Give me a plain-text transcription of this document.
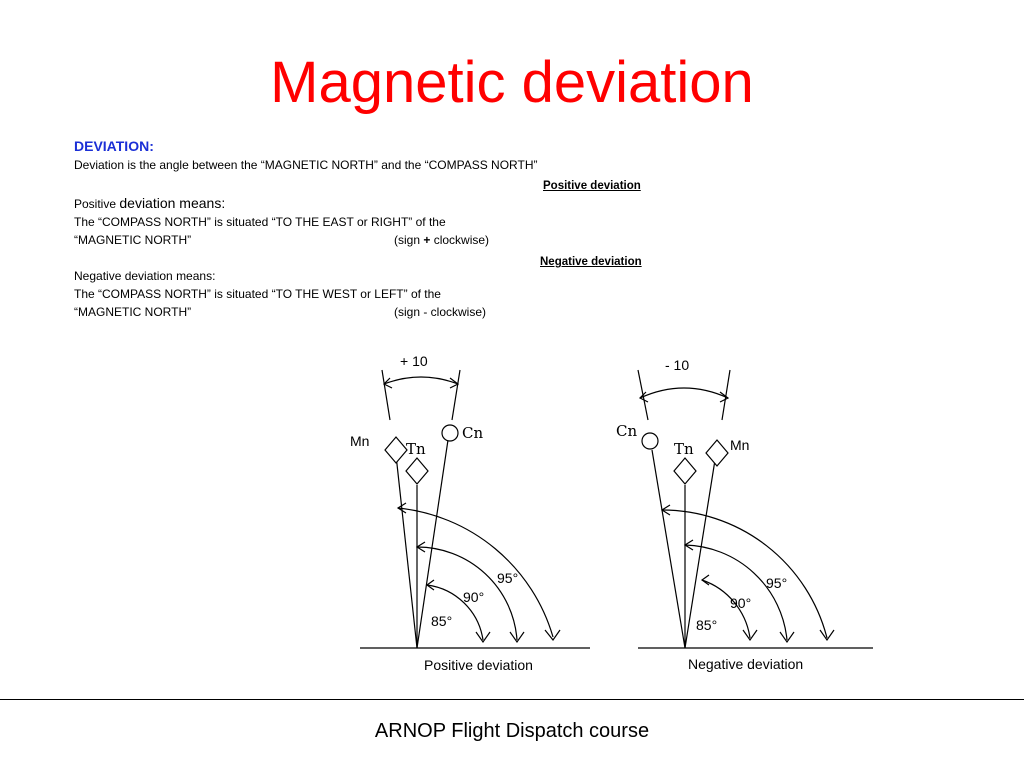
Magnetic deviation
DEVIATION:
Deviation is the angle between the “MAGNETIC NORTH” and the “COMPASS NORTH”
Positive deviation means:
The “COMPASS NORTH” is situated “TO THE EAST or RIGHT” of the
“MAGNETIC NORTH”	(sign + clockwise)
Negative deviation means:
The “COMPASS NORTH” is situated “TO THE WEST or LEFT” of the
“MAGNETIC NORTH”	(sign - clockwise)
Positive deviation
Negative deviation
+ 10
Mn Tn
Cn
95°
90°
85°
Positive deviation
- 10
Cn
Tn	Mn
95°
90°
85°
Negative deviation
ARNOP Flight Dispatch course
